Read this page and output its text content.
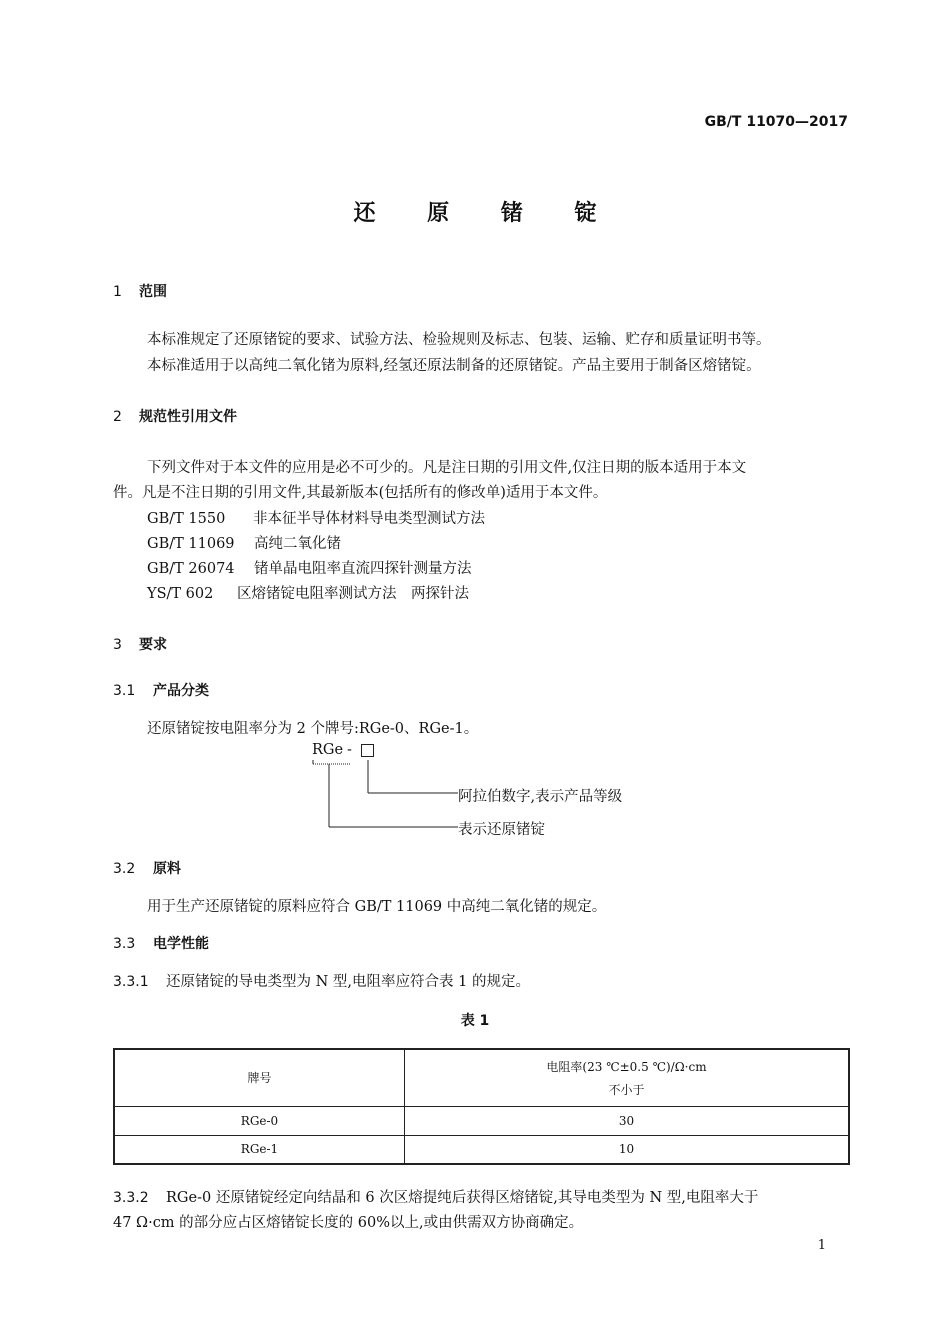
GB/T 11070—2017
还 原 锗 锭
1 范围
本标准规定了还原锗锭的要求、试验方法、检验规则及标志、包装、运输、贮存和质量证明书等。
本标准适用于以高纯二氧化锗为原料,经氢还原法制备的还原锗锭。产品主要用于制备区熔锗锭。
2 规范性引用文件
下列文件对于本文件的应用是必不可少的。凡是注日期的引用文件,仅注日期的版本适用于本文
件。凡是不注日期的引用文件,其最新版本(包括所有的修改单)适用于本文件。
GB/T 1550 非本征半导体材料导电类型测试方法
GB/T 11069 高纯二氧化锗
GB/T 26074 锗单晶电阻率直流四探针测量方法
YS/T 602 区熔锗锭电阻率测试方法　两探针法
3 要求
3.1 产品分类
还原锗锭按电阻率分为 2 个牌号:RGe-0、RGe-1。
RGe -
阿拉伯数字,表示产品等级
表示还原锗锭
3.2 原料
用于生产还原锗锭的原料应符合 GB/T 11069 中高纯二氧化锗的规定。
3.3 电学性能
3.3.1 还原锗锭的导电类型为 N 型,电阻率应符合表 1 的规定。
表 1
牌号	电阻率(23 ℃±0.5 ℃)/Ω·cm
不小于

RGe-0	30
RGe-1	10
3.3.2 RGe-0 还原锗锭经定向结晶和 6 次区熔提纯后获得区熔锗锭,其导电类型为 N 型,电阻率大于
47 Ω·cm 的部分应占区熔锗锭长度的 60%以上,或由供需双方协商确定。
1
